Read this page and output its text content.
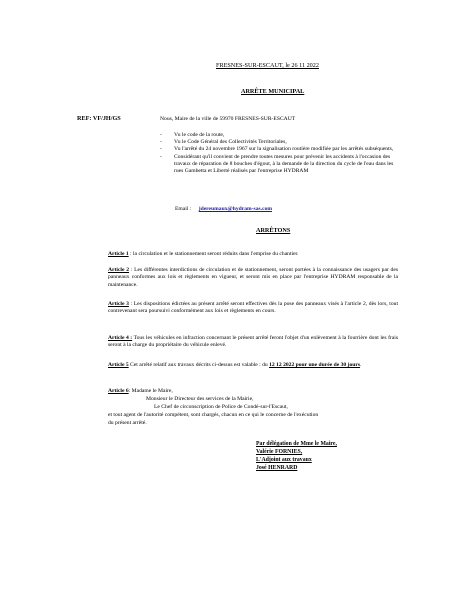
FRESNES-SUR-ESCAUT, le 26 11 2022
ARRÊTE MUNICIPAL
REF: VF/JH/GS	Nous, Maire de la ville de 59970 FRESNES-SUR-ESCAUT
- Vu le code de la route,
- Vu le Code Général des Collectivités Territoriales,
- Vu l'arrêté du 24 novembre 1967 sur la signalisation routière modifiée par les arrêtés subséquents,
- Considérant qu'il convient de prendre toutes mesures pour prévenir les accidents à l'occasion des travaux de réparation de 8 bouches d'égout, à la demande de la direction du cycle de l'eau dans les rues Gambetta et Liberté réalisés par l'entreprise HYDRAM
Email : jdereumaux@hydram-sas.com
ARRÊTONS
Article 1 : la circulation et le stationnement seront réduits dans l'emprise du chantier.
Article 2 : Les différentes interdictions de circulation et de stationnement, seront portées à la connaissance des usagers par des panneaux conformes aux lois et règlements en vigueur, et seront mis en place par l'entreprise HYDRAM responsable de la maintenance.
Article 3 : Les dispositions édictées au présent arrêté seront effectives dès la pose des panneaux visés à l'article 2, dès lors, tout contrevenant sera poursuivi conformément aux lois et règlements en cours.
Article 4 : Tous les véhicules en infraction concernant le présent arrêté feront l'objet d'un enlèvement à la fourrière dont les frais seront à la charge du propriétaire du véhicule enlevé.
Article 5 Cet arrêté relatif aux travaux décrits ci-dessus est valable : du 12 12 2022 pour une durée de 30 jours.
Article 6: Madame le Maire,
Monsieur le Directeur des services de la Mairie,
Le Chef de circonscription de Police de Condé-sur-l'Escaut,
et tout agent de l'autorité compétent, sont chargés, chacun en ce qui le concerne de l'exécution
du présent arrêté.
Par délégation de Mme le Maire,
Valérie FORNIES,
L'Adjoint aux travaux
José HENRARD
